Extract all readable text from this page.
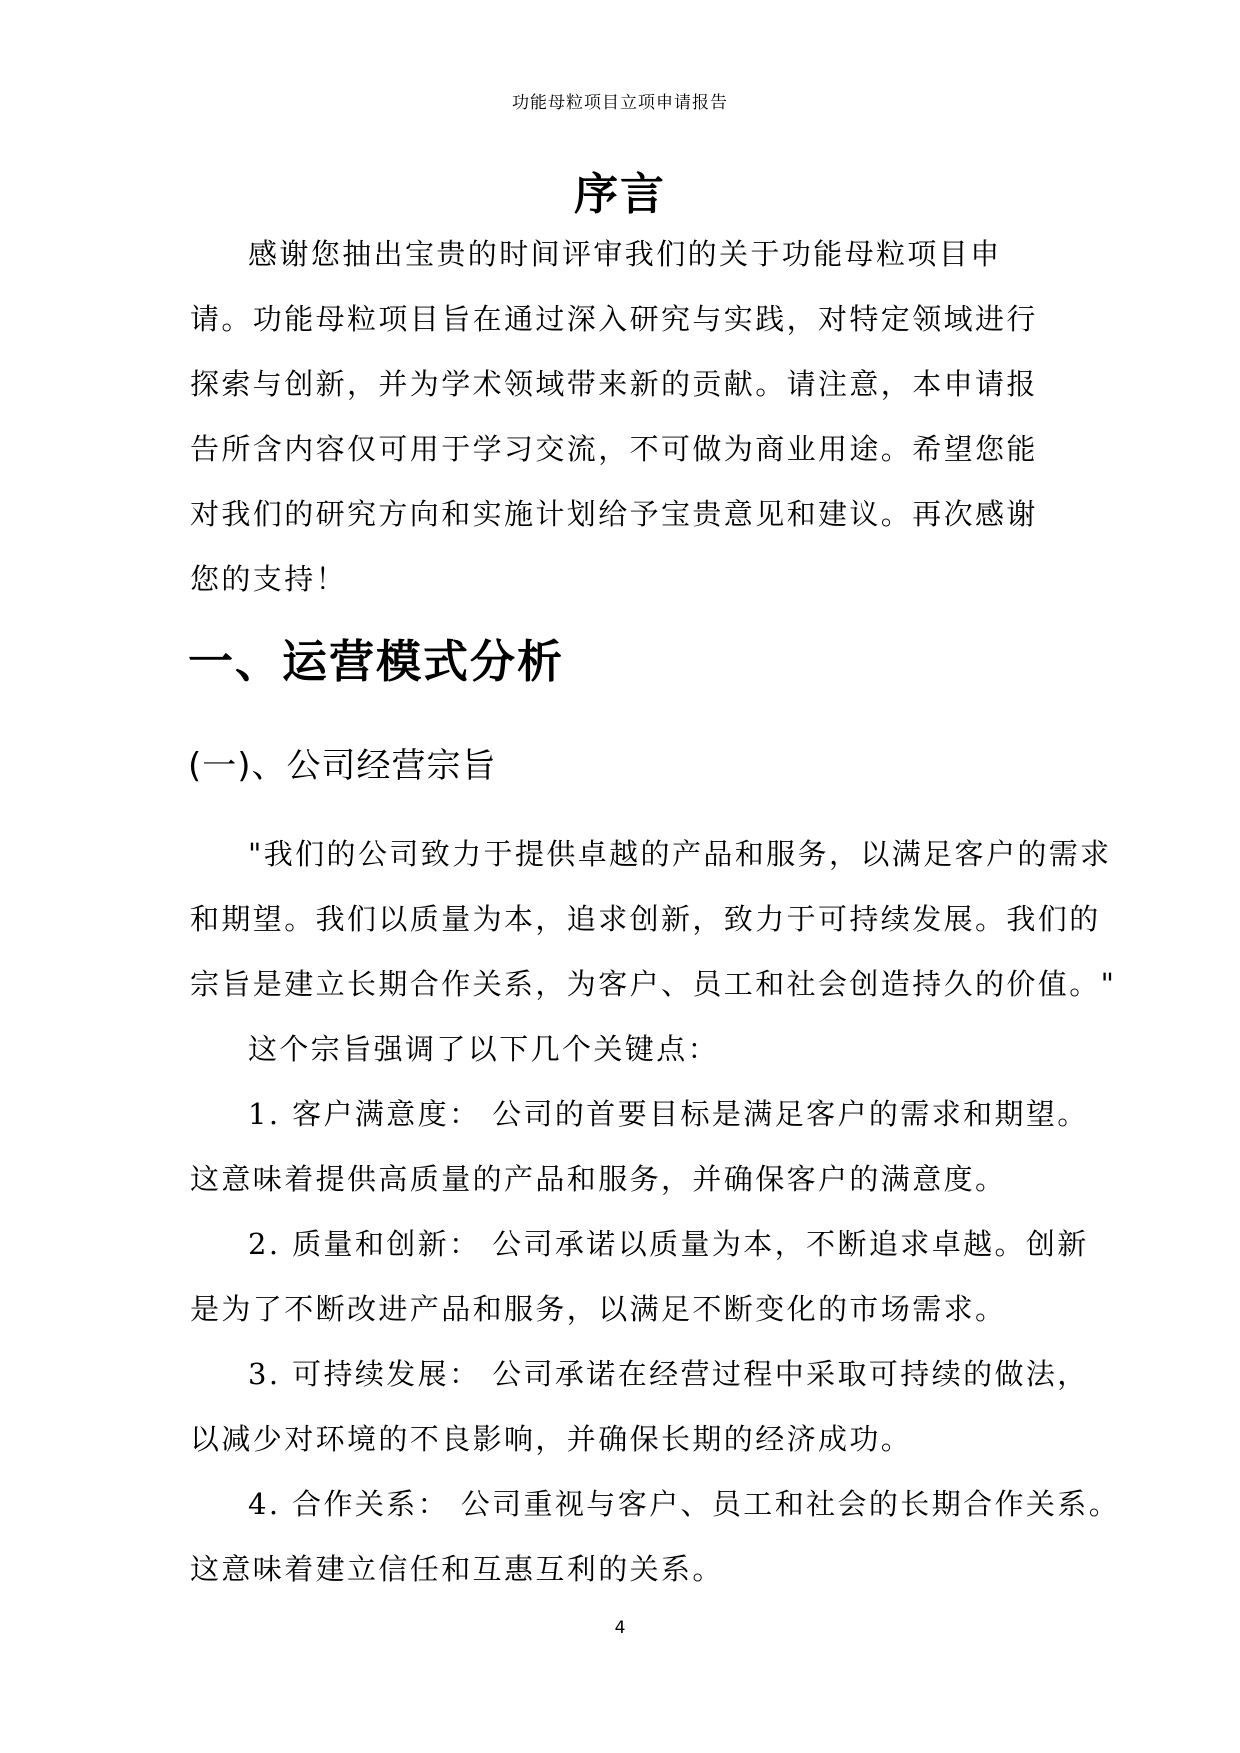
功能母粒项目立项申请报告
序言

感谢您抽出宝贵的时间评审我们的关于功能母粒项目申请。功能母粒项目旨在通过深入研究与实践，对特定领域进行探索与创新，并为学术领域带来新的贡献。请注意，本申请报告所含内容仅可用于学习交流，不可做为商业用途。希望您能对我们的研究方向和实施计划给予宝贵意见和建议。再次感谢您的支持！

一、运营模式分析
(一)、公司经营宗旨
"我们的公司致力于提供卓越的产品和服务，以满足客户的需求
和期望。我们以质量为本，追求创新，致力于可持续发展。我们的
宗旨是建立长期合作关系，为客户、员工和社会创造持久的价值。"
这个宗旨强调了以下几个关键点：
1. 客户满意度： 公司的首要目标是满足客户的需求和期望。
这意味着提供高质量的产品和服务，并确保客户的满意度。
2. 质量和创新： 公司承诺以质量为本，不断追求卓越。创新
是为了不断改进产品和服务，以满足不断变化的市场需求。
3. 可持续发展： 公司承诺在经营过程中采取可持续的做法，
以减少对环境的不良影响，并确保长期的经济成功。
4. 合作关系： 公司重视与客户、员工和社会的长期合作关系。
这意味着建立信任和互惠互利的关系。
4
